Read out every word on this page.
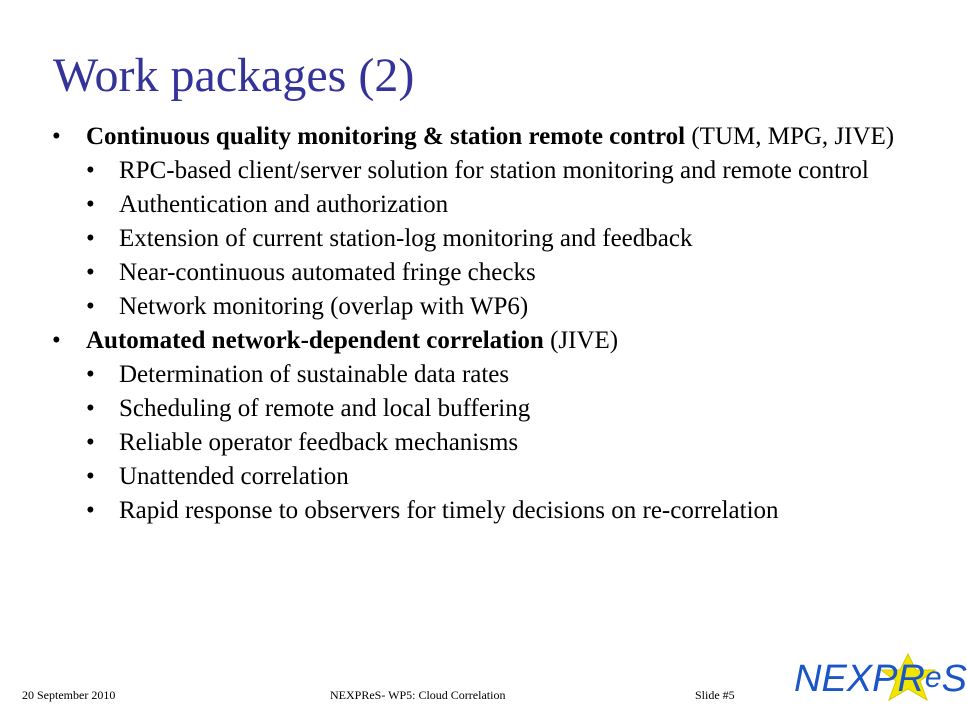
Work packages (2)
• Continuous quality monitoring & station remote control (TUM, MPG, JIVE)
• RPC-based client/server solution for station monitoring and remote control
• Authentication and authorization
• Extension of current station-log monitoring and feedback
• Near-continuous automated fringe checks
• Network monitoring (overlap with WP6)
• Automated network-dependent correlation (JIVE)
• Determination of sustainable data rates
• Scheduling of remote and local buffering
• Reliable operator feedback mechanisms
• Unattended correlation
• Rapid response to observers for timely decisions on re-correlation
20 September 2010	NEXPReS- WP5: Cloud Correlation	Slide #5 NEXPReS
